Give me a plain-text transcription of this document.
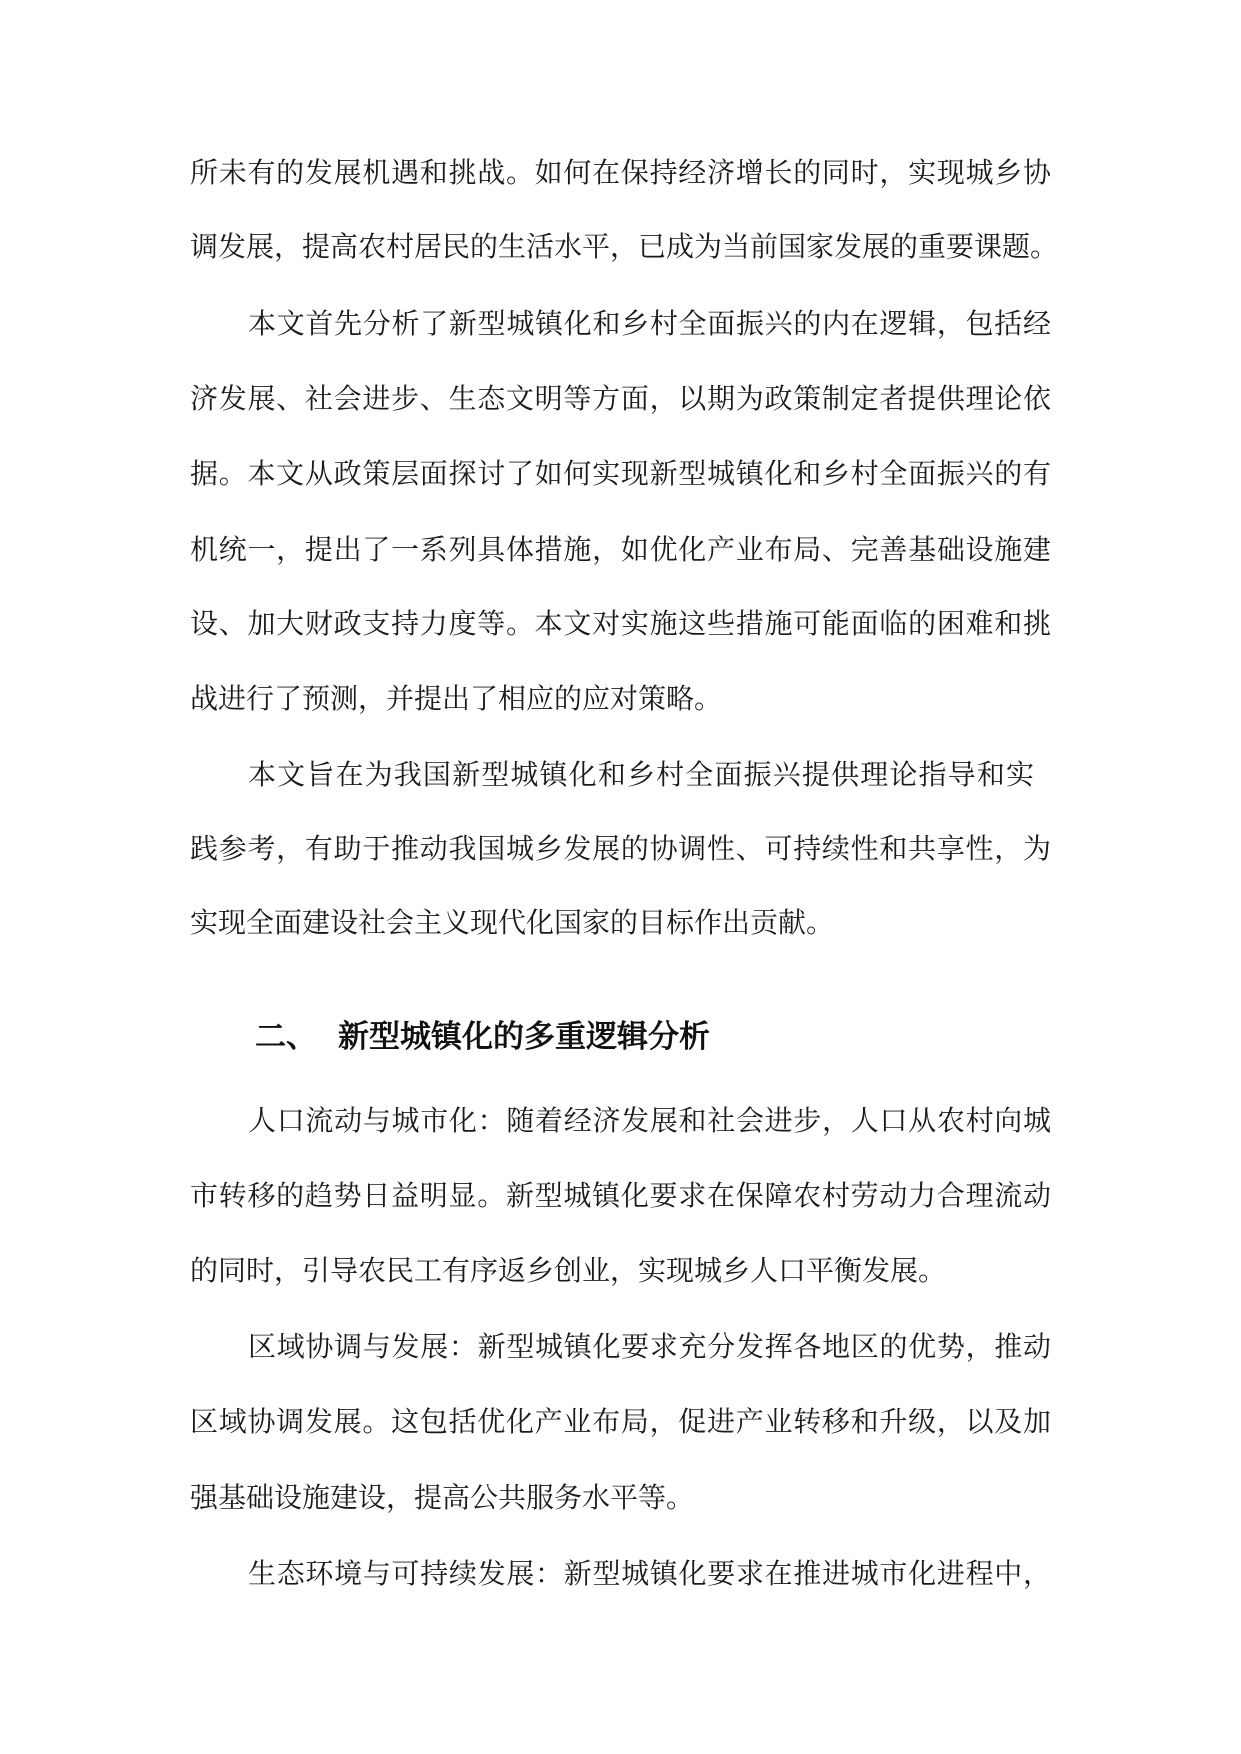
所未有的发展机遇和挑战。如何在保持经济增长的同时，实现城乡协
调发展，提高农村居民的生活水平，已成为当前国家发展的重要课题。
本文首先分析了新型城镇化和乡村全面振兴的内在逻辑，包括经
济发展、社会进步、生态文明等方面，以期为政策制定者提供理论依
据。本文从政策层面探讨了如何实现新型城镇化和乡村全面振兴的有
机统一，提出了一系列具体措施，如优化产业布局、完善基础设施建
设、加大财政支持力度等。本文对实施这些措施可能面临的困难和挑
战进行了预测，并提出了相应的应对策略。
本文旨在为我国新型城镇化和乡村全面振兴提供理论指导和实
践参考，有助于推动我国城乡发展的协调性、可持续性和共享性，为
实现全面建设社会主义现代化国家的目标作出贡献。
二、 新型城镇化的多重逻辑分析
人口流动与城市化：随着经济发展和社会进步，人口从农村向城
市转移的趋势日益明显。新型城镇化要求在保障农村劳动力合理流动
的同时，引导农民工有序返乡创业，实现城乡人口平衡发展。
区域协调与发展：新型城镇化要求充分发挥各地区的优势，推动
区域协调发展。这包括优化产业布局，促进产业转移和升级，以及加
强基础设施建设，提高公共服务水平等。
生态环境与可持续发展：新型城镇化要求在推进城市化进程中，
